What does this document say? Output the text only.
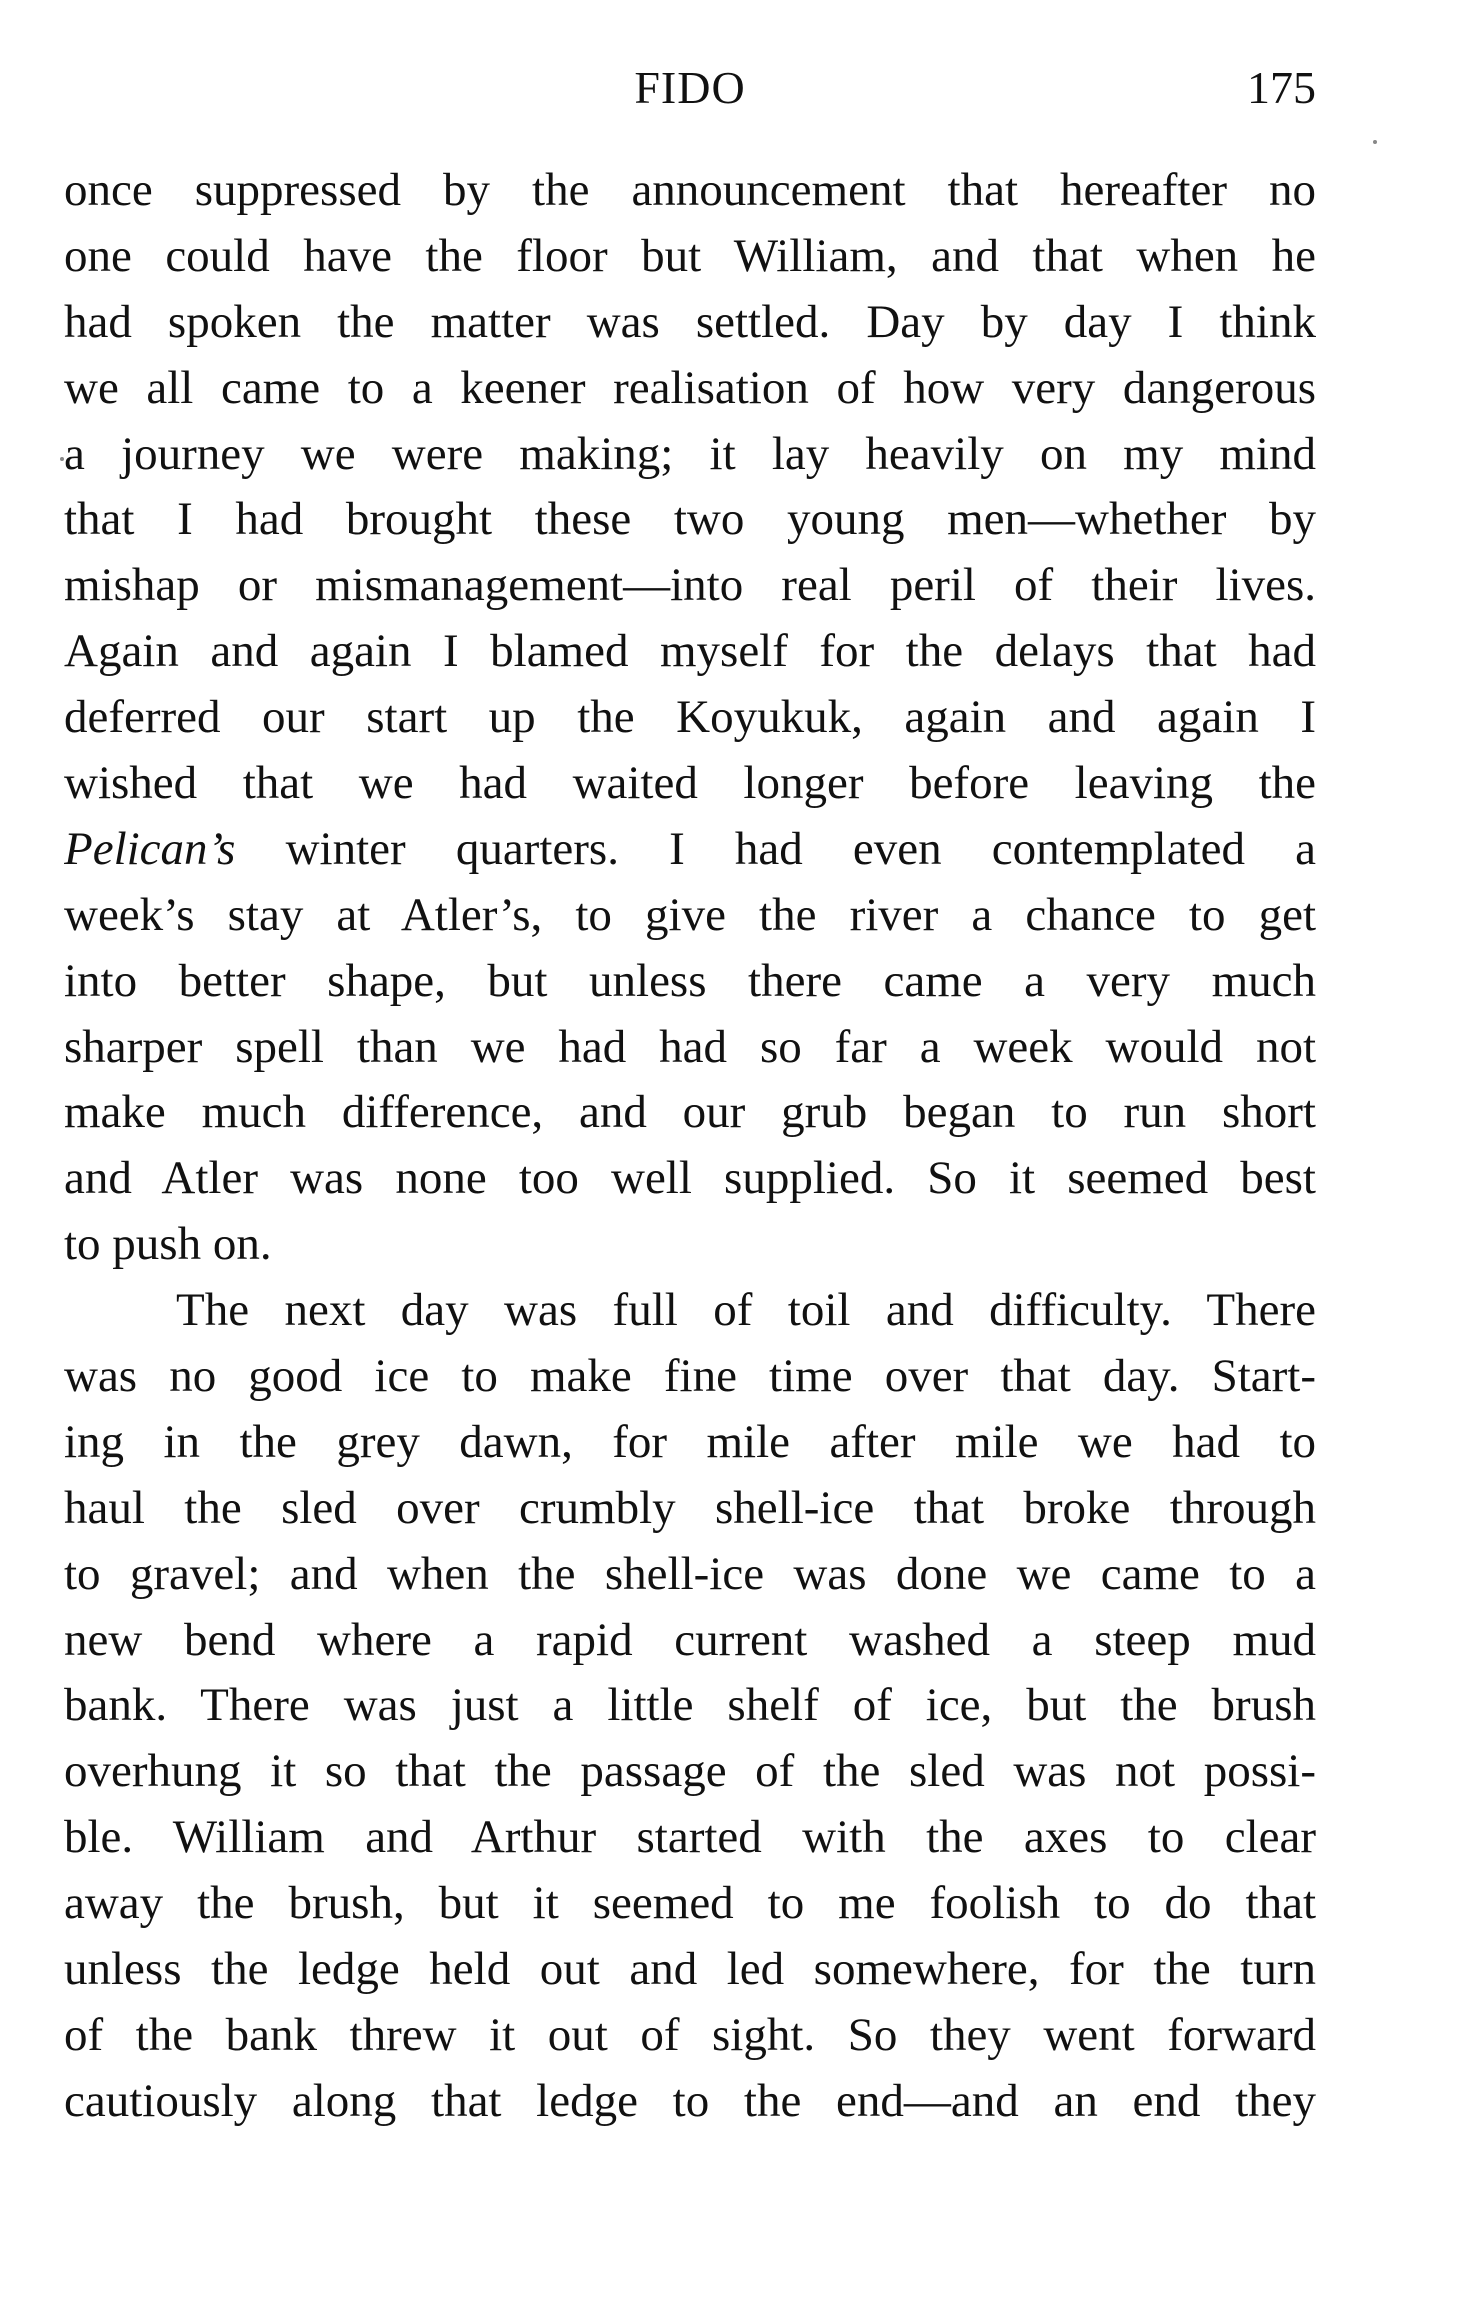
FIDO	175
once suppressed by the announcement that hereafter no
one could have the floor but William, and that when he
had spoken the matter was settled. Day by day I think
we all came to a keener realisation of how very dangerous
a journey we were making; it lay heavily on my mind
that I had brought these two young men—whether by
mishap or mismanagement—into real peril of their lives.
Again and again I blamed myself for the delays that had
deferred our start up the Koyukuk, again and again I
wished that we had waited longer before leaving the
Pelican’s winter quarters. I had even contemplated a
week’s stay at Atler’s, to give the river a chance to get
into better shape, but unless there came a very much
sharper spell than we had had so far a week would not
make much difference, and our grub began to run short
and Atler was none too well supplied. So it seemed best
to push on.
The next day was full of toil and difficulty. There
was no good ice to make fine time over that day. Start-
ing in the grey dawn, for mile after mile we had to
haul the sled over crumbly shell-ice that broke through
to gravel; and when the shell-ice was done we came to a
new bend where a rapid current washed a steep mud
bank. There was just a little shelf of ice, but the brush
overhung it so that the passage of the sled was not possi-
ble. William and Arthur started with the axes to clear
away the brush, but it seemed to me foolish to do that
unless the ledge held out and led somewhere, for the turn
of the bank threw it out of sight. So they went forward
cautiously along that ledge to the end—and an end they
